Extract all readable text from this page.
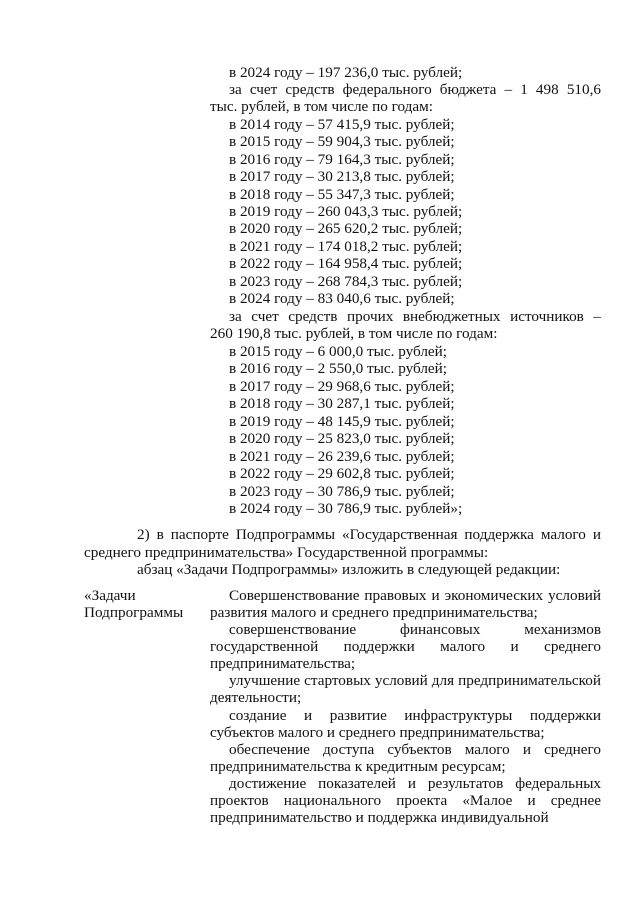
в 2024 году – 197 236,0 тыс. рублей;
за счет средств федерального бюджета – 1 498 510,6
тыс. рублей, в том числе по годам:
в 2014 году – 57 415,9 тыс. рублей;
в 2015 году – 59 904,3 тыс. рублей;
в 2016 году – 79 164,3 тыс. рублей;
в 2017 году – 30 213,8 тыс. рублей;
в 2018 году – 55 347,3 тыс. рублей;
в 2019 году – 260 043,3 тыс. рублей;
в 2020 году – 265 620,2 тыс. рублей;
в 2021 году – 174 018,2 тыс. рублей;
в 2022 году – 164 958,4 тыс. рублей;
в 2023 году – 268 784,3 тыс. рублей;
в 2024 году – 83 040,6 тыс. рублей;
за счет средств прочих внебюджетных источников –
260 190,8 тыс. рублей, в том числе по годам:
в 2015 году – 6 000,0 тыс. рублей;
в 2016 году – 2 550,0 тыс. рублей;
в 2017 году – 29 968,6 тыс. рублей;
в 2018 году – 30 287,1 тыс. рублей;
в 2019 году – 48 145,9 тыс. рублей;
в 2020 году – 25 823,0 тыс. рублей;
в 2021 году – 26 239,6 тыс. рублей;
в 2022 году – 29 602,8 тыс. рублей;
в 2023 году – 30 786,9 тыс. рублей;
в 2024 году – 30 786,9 тыс. рублей»;
2) в паспорте Подпрограммы «Государственная поддержка малого и
среднего предпринимательства» Государственной программы:
абзац «Задачи Подпрограммы» изложить в следующей редакции:
«Задачи
Подпрограммы
Совершенствование правовых и экономических условий
развития малого и среднего предпринимательства;
совершенствование финансовых механизмов
государственной поддержки малого и среднего
предпринимательства;
улучшение стартовых условий для предпринимательской
деятельности;
создание и развитие инфраструктуры поддержки
субъектов малого и среднего предпринимательства;
обеспечение доступа субъектов малого и среднего
предпринимательства к кредитным ресурсам;
достижение показателей и результатов федеральных
проектов национального проекта «Малое и среднее
предпринимательство и поддержка индивидуальной
